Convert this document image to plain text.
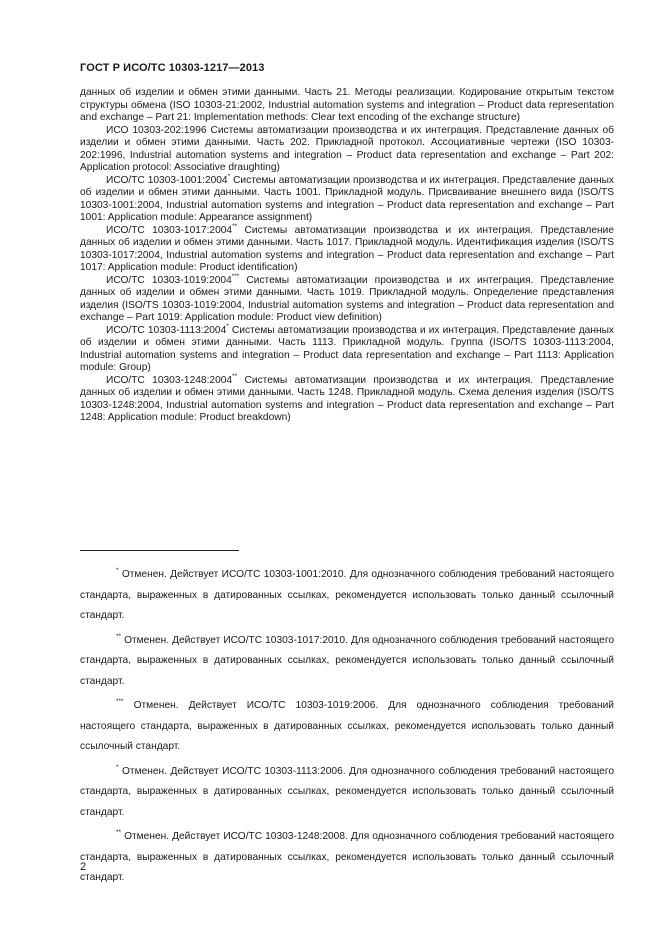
ГОСТ Р ИСО/ТС 10303-1217—2013

данных об изделии и обмен этими данными. Часть 21. Методы реализации. Кодирование открытым текстом структуры обмена (ISO 10303-21:2002, Industrial automation systems and integration – Product data representation and exchange – Part 21: Implementation methods: Clear text encoding of the exchange structure)

ИСО 10303-202:1996 Системы автоматизации производства и их интеграция. Представление данных об изделии и обмен этими данными. Часть 202. Прикладной протокол. Ассоциативные чертежи (ISO 10303-202:1996, Industrial automation systems and integration – Product data representation and exchange – Part 202: Application protocol: Associative draughting)

ИСО/ТС 10303-1001:2004* Системы автоматизации производства и их интеграция. Представление данных об изделии и обмен этими данными. Часть 1001. Прикладной модуль. Присваивание внешнего вида (ISO/TS 10303-1001:2004, Industrial automation systems and integration – Product data representation and exchange – Part 1001: Application module: Appearance assignment)

ИСО/ТС 10303-1017:2004** Системы автоматизации производства и их интеграция. Представление данных об изделии и обмен этими данными. Часть 1017. Прикладной модуль. Идентификация изделия (ISO/TS 10303-1017:2004, Industrial automation systems and integration – Product data representation and exchange – Part 1017: Application module: Product identification)

ИСО/ТС 10303-1019:2004*** Системы автоматизации производства и их интеграция. Представление данных об изделии и обмен этими данными. Часть 1019. Прикладной модуль. Определение представления изделия (ISO/TS 10303-1019:2004, Industrial automation systems and integration – Product data representation and exchange – Part 1019: Application module: Product view definition)

ИСО/ТС 10303-1113:2004* Системы автоматизации производства и их интеграция. Представление данных об изделии и обмен этими данными. Часть 1113. Прикладной модуль. Группа (ISO/TS 10303-1113:2004, Industrial automation systems and integration – Product data representation and exchange – Part 1113: Application module: Group)

ИСО/ТС 10303-1248:2004** Системы автоматизации производства и их интеграция. Представление данных об изделии и обмен этими данными. Часть 1248. Прикладной модуль. Схема деления изделия (ISO/TS 10303-1248:2004, Industrial automation systems and integration – Product data representation and exchange – Part 1248: Application module: Product breakdown)

* Отменен. Действует ИСО/ТС 10303-1001:2010. Для однозначного соблюдения требований настоящего стандарта, выраженных в датированных ссылках, рекомендуется использовать только данный ссылочный стандарт.

** Отменен. Действует ИСО/ТС 10303-1017:2010. Для однозначного соблюдения требований настоящего стандарта, выраженных в датированных ссылках, рекомендуется использовать только данный ссылочный стандарт.

*** Отменен. Действует ИСО/ТС 10303-1019:2006. Для однозначного соблюдения требований настоящего стандарта, выраженных в датированных ссылках, рекомендуется использовать только данный ссылочный стандарт.

* Отменен. Действует ИСО/ТС 10303-1113:2006. Для однозначного соблюдения требований настоящего стандарта, выраженных в датированных ссылках, рекомендуется использовать только данный ссылочный стандарт.

** Отменен. Действует ИСО/ТС 10303-1248:2008. Для однозначного соблюдения требований настоящего стандарта, выраженных в датированных ссылках, рекомендуется использовать только данный ссылочный стандарт.

2
